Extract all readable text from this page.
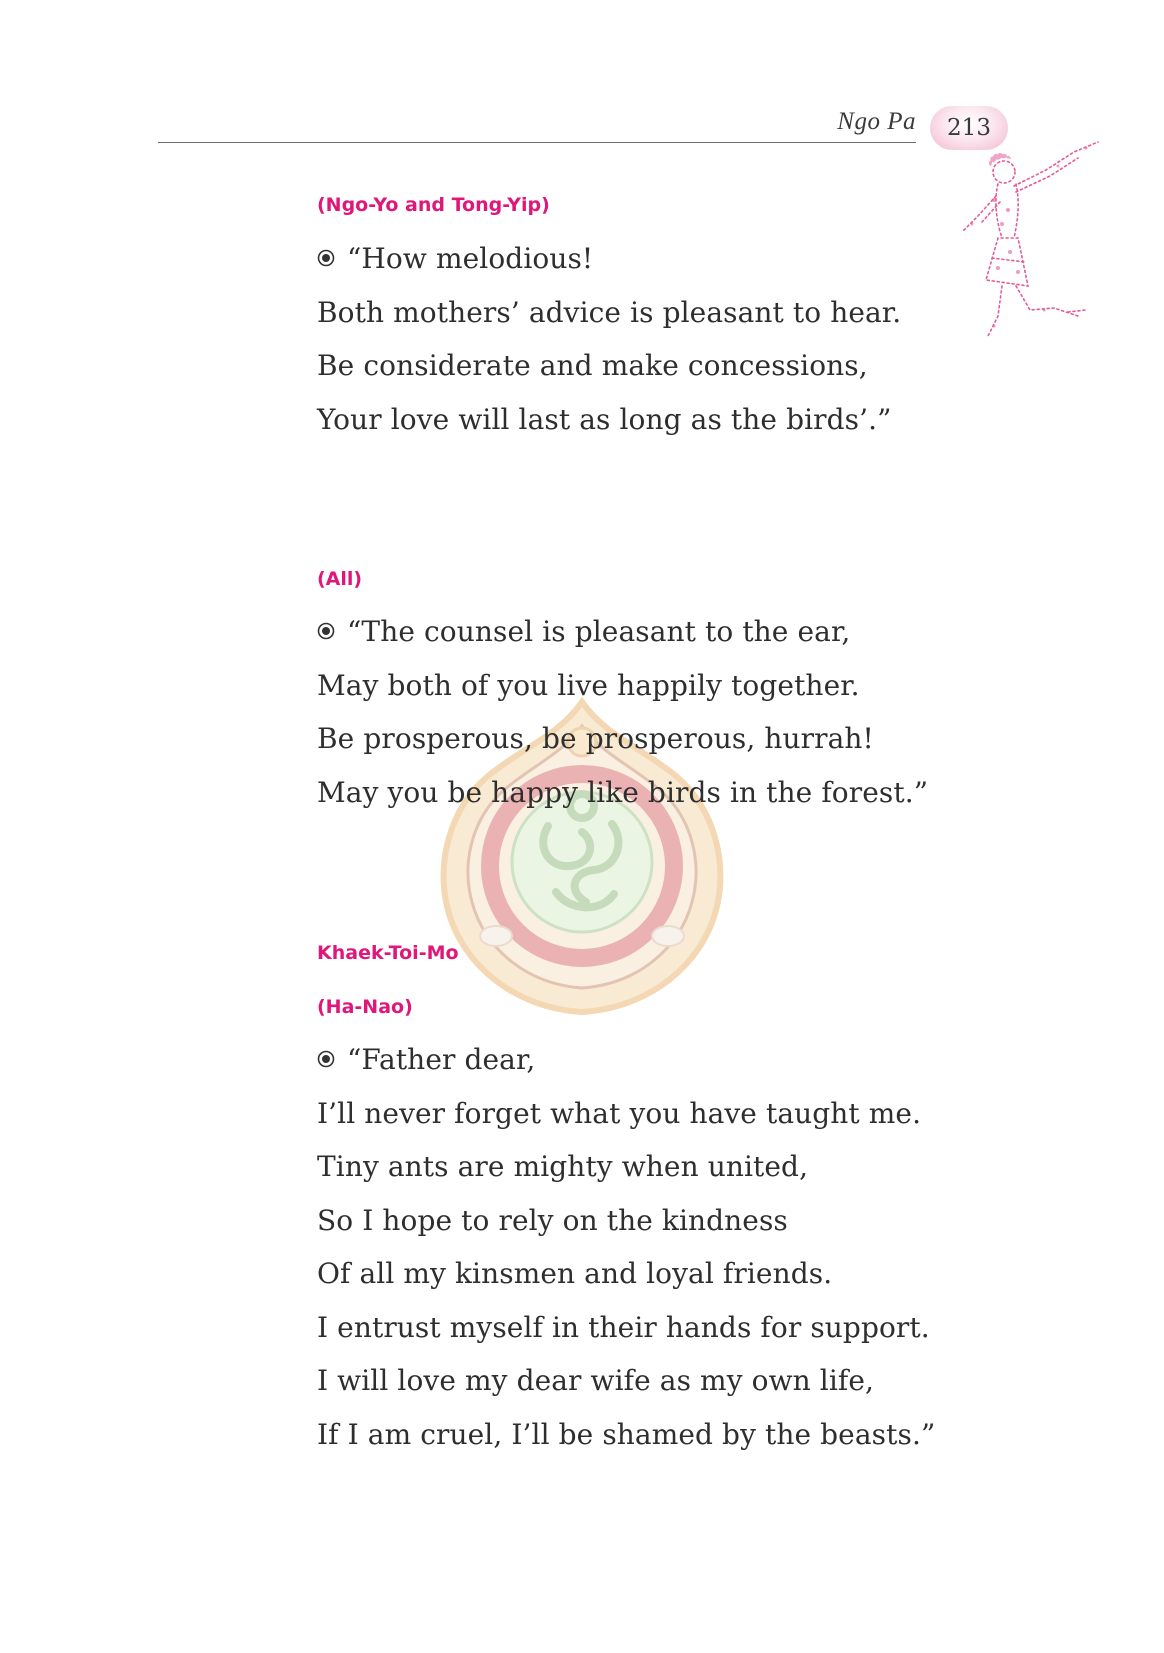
Ngo Pa 213
(Ngo-Yo and Tong-Yip)
“How melodious!
Both mothers’ advice is pleasant to hear.
Be considerate and make concessions,
Your love will last as long as the birds’.”
(All)
“The counsel is pleasant to the ear,
May both of you live happily together.
Be prosperous, be prosperous, hurrah!
May you be happy like birds in the forest.”
Khaek-Toi-Mo
(Ha-Nao)
“Father dear,
I’ll never forget what you have taught me.
Tiny ants are mighty when united,
So I hope to rely on the kindness
Of all my kinsmen and loyal friends.
I entrust myself in their hands for support.
I will love my dear wife as my own life,
If I am cruel, I’ll be shamed by the beasts.”
